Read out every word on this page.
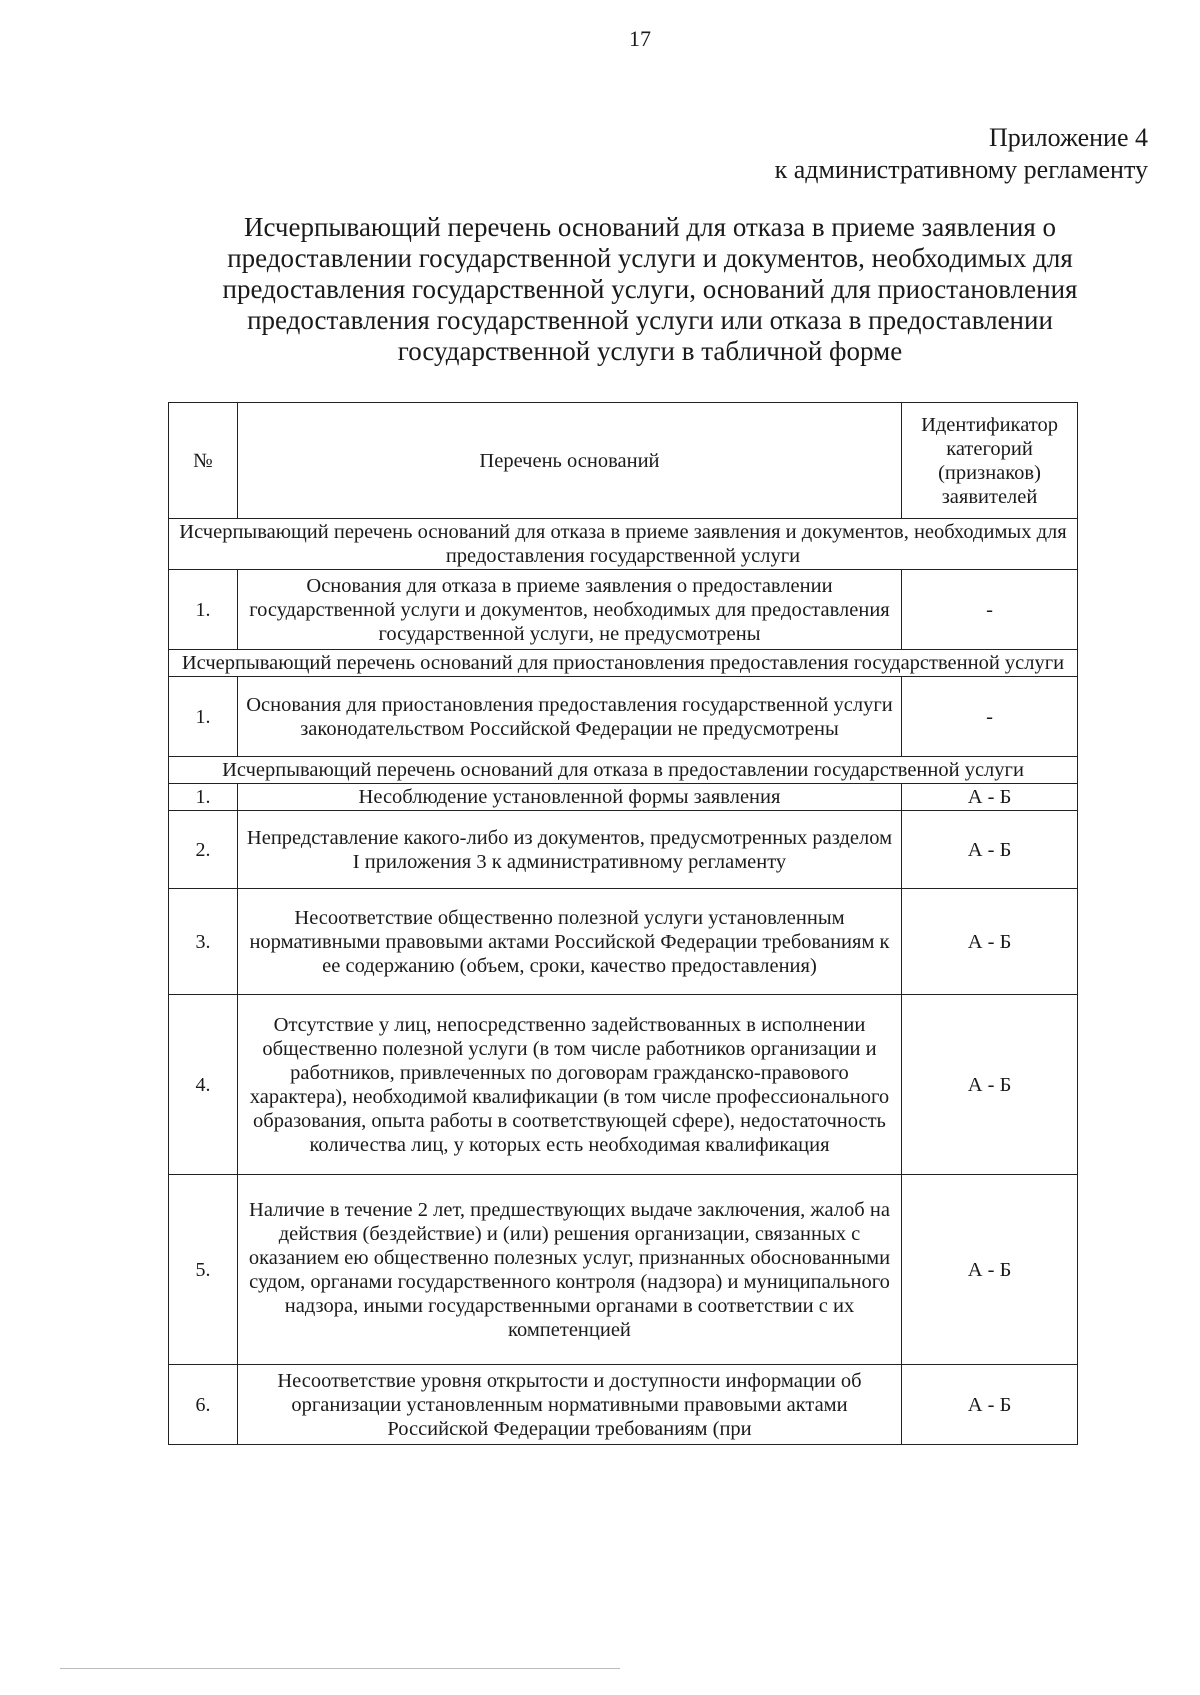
17
Приложение 4
к административному регламенту
Исчерпывающий перечень оснований для отказа в приеме заявления о предоставлении государственной услуги и документов, необходимых для предоставления государственной услуги, оснований для приостановления предоставления государственной услуги или отказа в предоставлении государственной услуги в табличной форме
№	Перечень оснований	Идентификатор категорий (признаков) заявителей
Исчерпывающий перечень оснований для отказа в приеме заявления и документов, необходимых для предоставления государственной услуги		
1.	Основания для отказа в приеме заявления о предоставлении государственной услуги и документов, необходимых для предоставления государственной услуги, не предусмотрены	-
Исчерпывающий перечень оснований для приостановления предоставления государственной услуги		
1.	Основания для приостановления предоставления государственной услуги законодательством Российской Федерации не предусмотрены	-
Исчерпывающий перечень оснований для отказа в предоставлении государственной услуги		
1.	Несоблюдение установленной формы заявления	А - Б
2.	Непредставление какого-либо из документов, предусмотренных разделом I приложения 3 к административному регламенту	А - Б
3.	Несоответствие общественно полезной услуги установленным нормативными правовыми актами Российской Федерации требованиям к ее содержанию (объем, сроки, качество предоставления)	А - Б
4.	Отсутствие у лиц, непосредственно задействованных в исполнении общественно полезной услуги (в том числе работников организации и работников, привлеченных по договорам гражданско-правового характера), необходимой квалификации (в том числе профессионального образования, опыта работы в соответствующей сфере), недостаточность количества лиц, у которых есть необходимая квалификация	А - Б
5.	Наличие в течение 2 лет, предшествующих выдаче заключения, жалоб на действия (бездействие) и (или) решения организации, связанных с оказанием ею общественно полезных услуг, признанных обоснованными судом, органами государственного контроля (надзора) и муниципального надзора, иными государственными органами в соответствии с их компетенцией	А - Б
6.	Несоответствие уровня открытости и доступности информации об организации установленным нормативными правовыми актами Российской Федерации требованиям (при	А - Б
